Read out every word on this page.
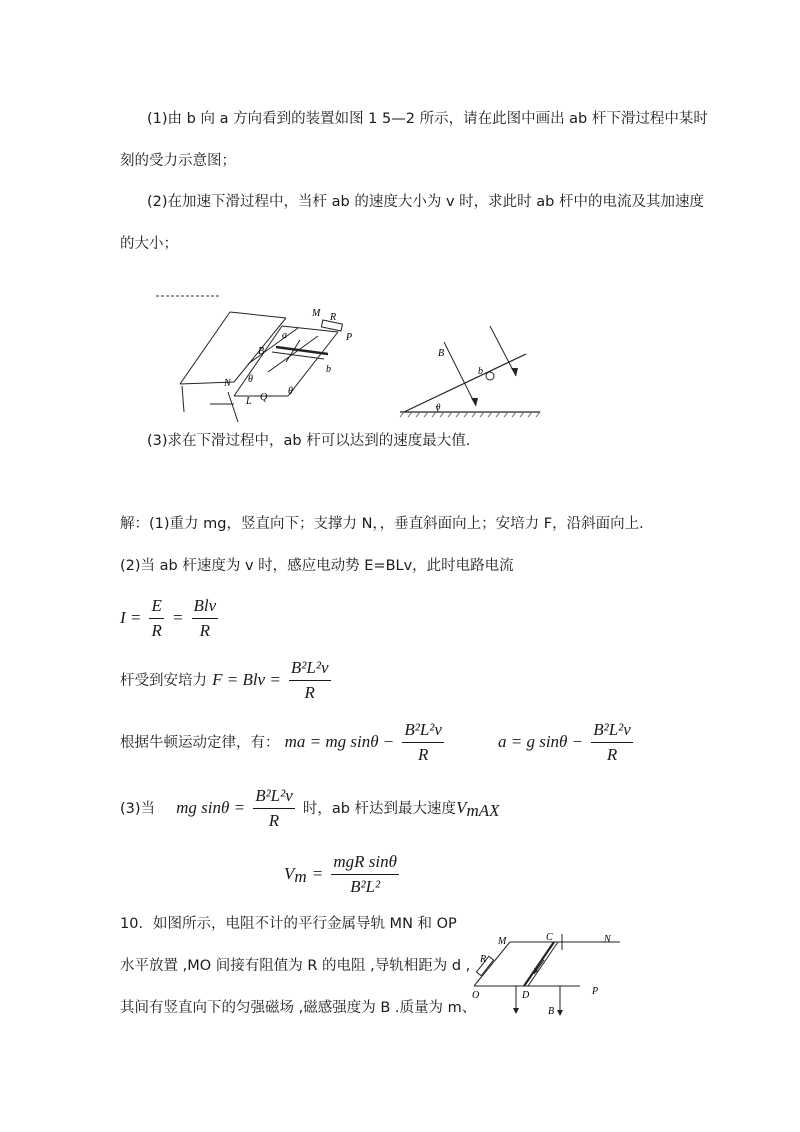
(1)由 b 向 a 方向看到的装置如图 1 5—2 所示，请在此图中画出 ab 杆下滑过程中某时
刻的受力示意图；
(2)在加速下滑过程中，当杆 ab 的速度大小为 v 时，求此时 ab 杆中的电流及其加速度
的大小；
M R
P
a
B
b
N θ
θ
L Q
B
b
θ
(3)求在下滑过程中，ab 杆可以达到的速度最大值．
解：(1)重力 mg，竖直向下；支撑力 N，，垂直斜面向上；安培力 F，沿斜面向上．
(2)当 ab 杆速度为 v 时，感应电动势 E=BLv，此时电路电流
$I = \frac{E}{R} = \frac{\text{Blv}}{R}$
杆受到安培力 F = Blv = $\frac{\text{B²L²v}}{R}$
根据牛顿运动定律，有： ma = mg $\sin\theta - \frac{\text{B²L²v}}{R}$	a = g $\sin\theta - \frac{\text{B²L²v}}{R}$
(3)当 mg $\sin\theta = \frac{\text{B²L²v}}{R}$ 时，ab 杆达到最大速度$V_{mAX}$
$V_m = \frac{\text{mgR sinθ}}{\text{B²L²}}$
10．如图所示，电阻不计的平行金属导轨 MN 和 OP
水平放置 ,MO 间接有阻值为 R 的电阻 ,导轨相距为 d ,
其间有竖直向下的匀强磁场 ,磁感强度为 B .质量为 m、
M	C	N
R
O	D	P
B
